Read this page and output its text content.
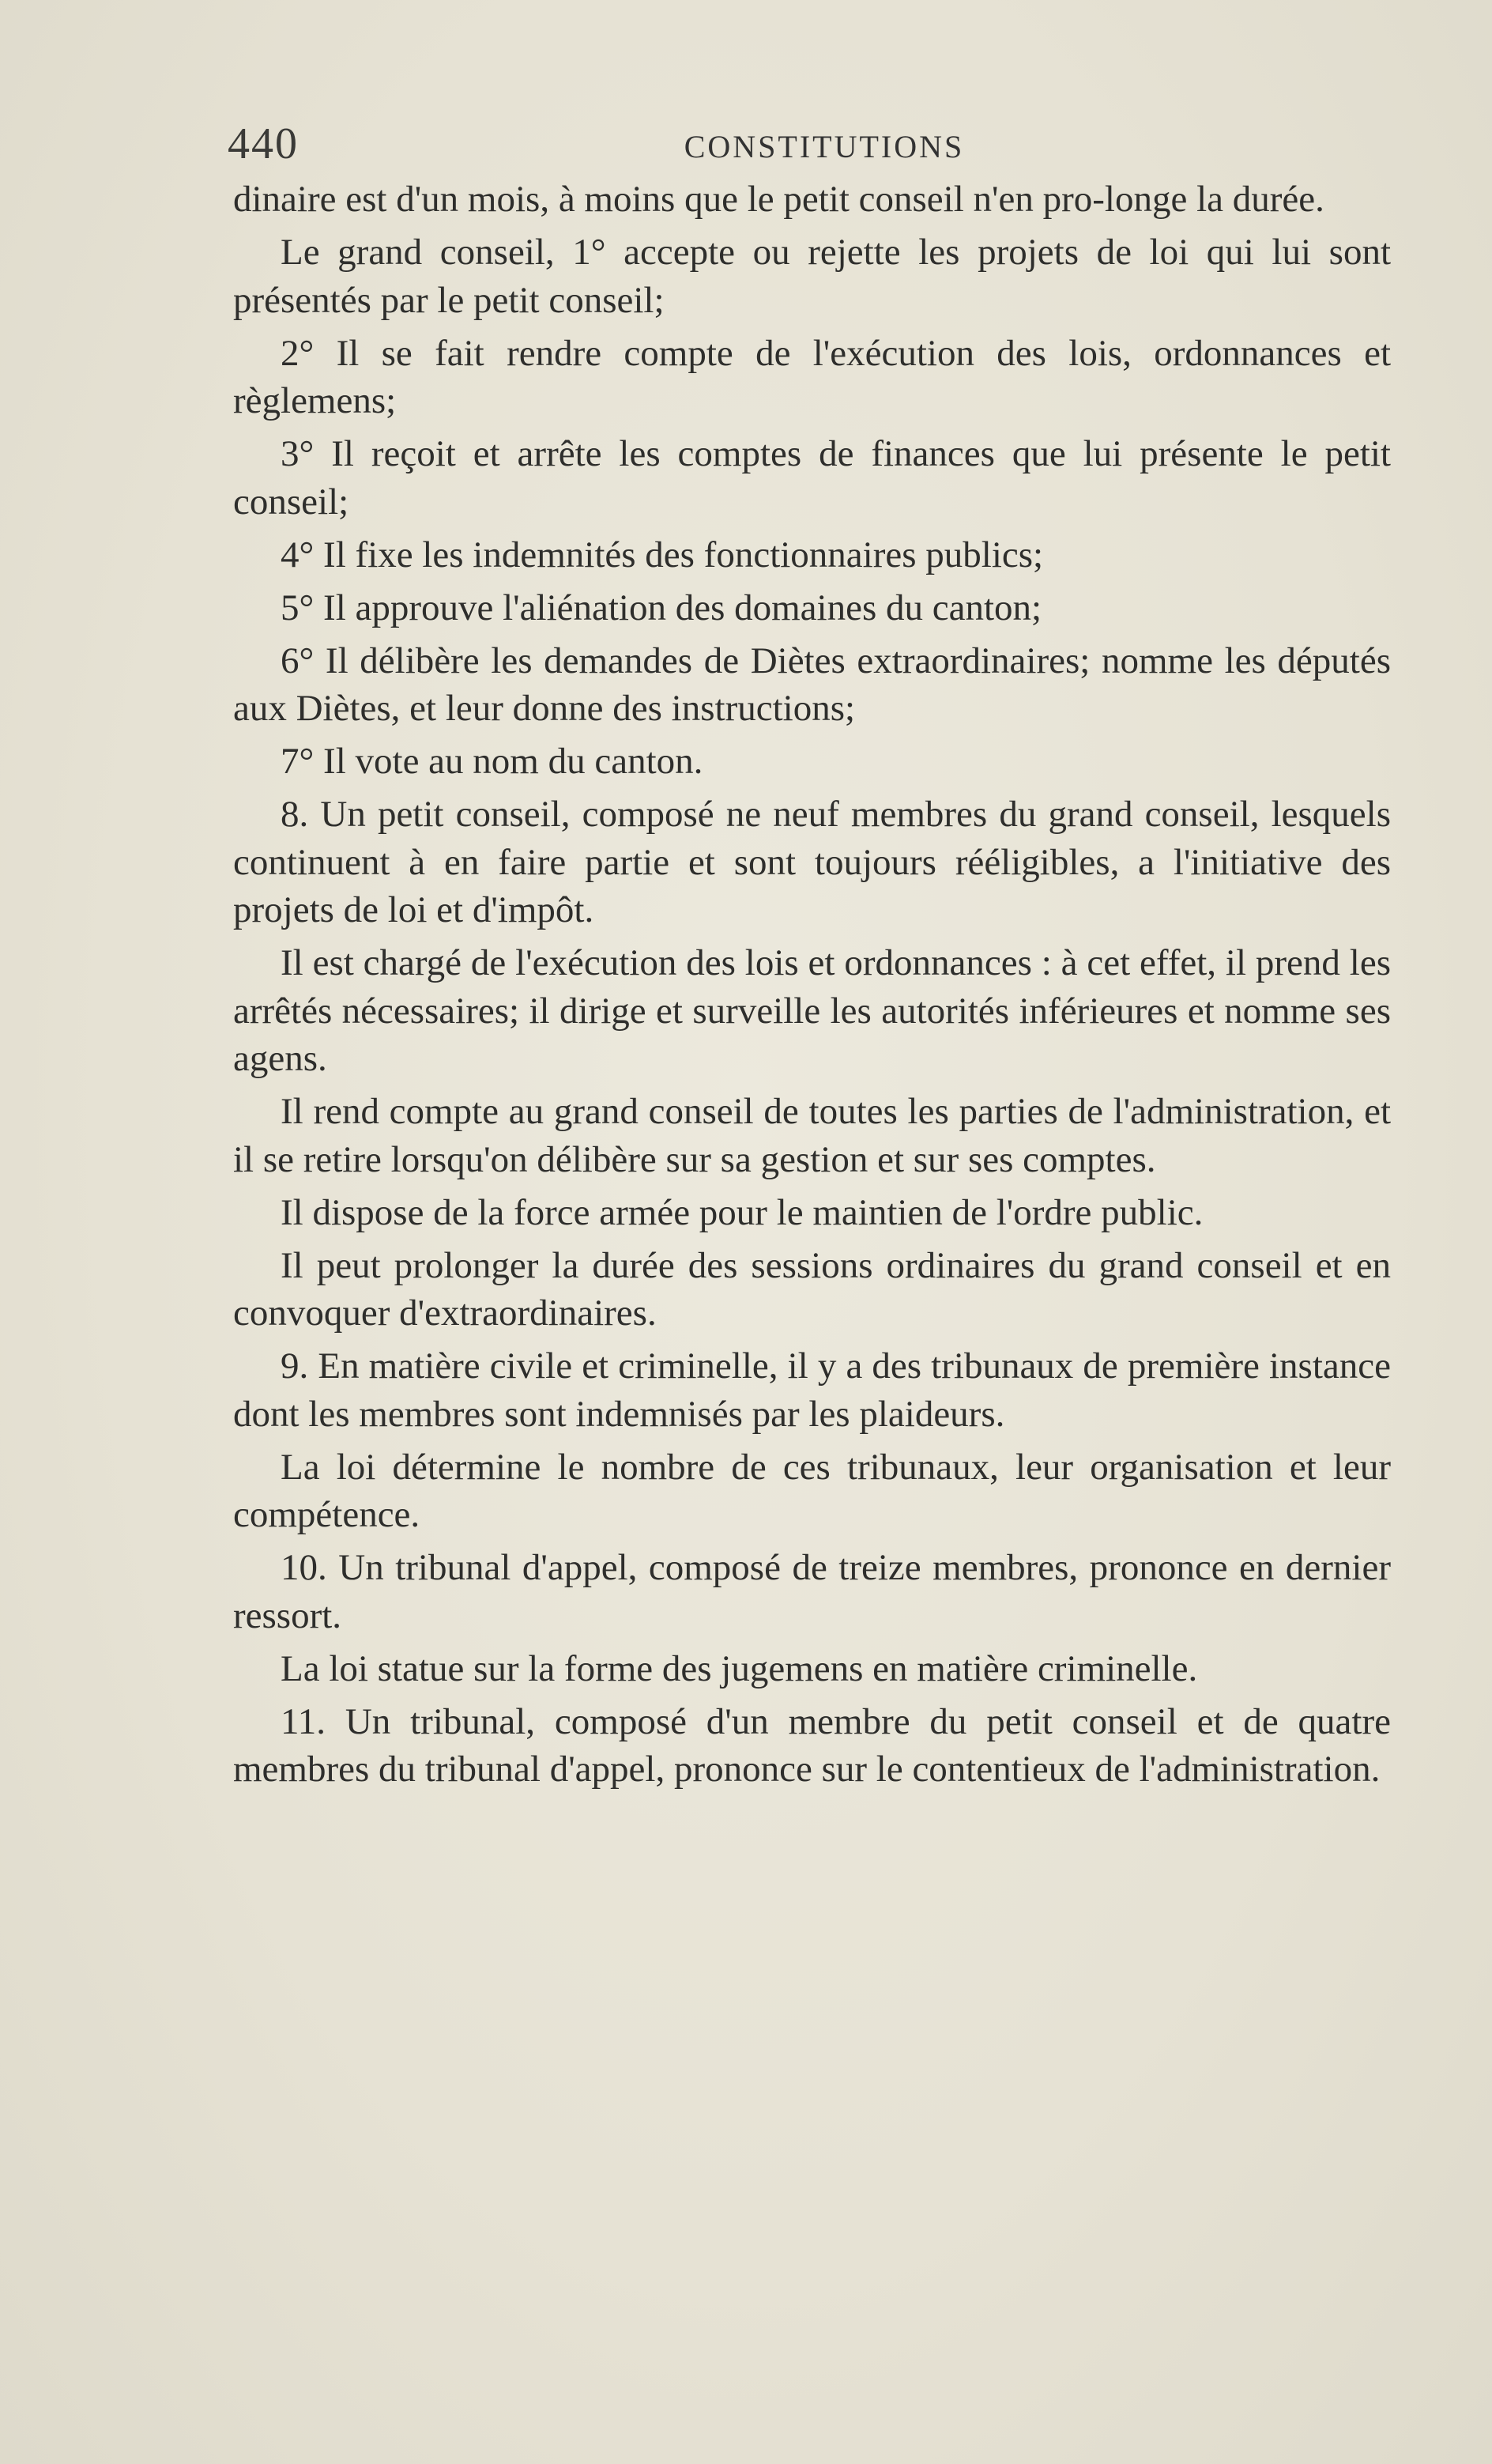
440	CONSTITUTIONS

dinaire est d'un mois, à moins que le petit conseil n'en pro-longe la durée.

Le grand conseil, 1° accepte ou rejette les projets de loi qui lui sont présentés par le petit conseil;

2° Il se fait rendre compte de l'exécution des lois, ordonnances et règlemens;

3° Il reçoit et arrête les comptes de finances que lui présente le petit conseil;

4° Il fixe les indemnités des fonctionnaires publics;

5° Il approuve l'aliénation des domaines du canton;

6° Il délibère les demandes de Diètes extraordinaires; nomme les députés aux Diètes, et leur donne des instructions;

7° Il vote au nom du canton.

8. Un petit conseil, composé ne neuf membres du grand conseil, lesquels continuent à en faire partie et sont toujours rééligibles, a l'initiative des projets de loi et d'impôt.

Il est chargé de l'exécution des lois et ordonnances : à cet effet, il prend les arrêtés nécessaires; il dirige et surveille les autorités inférieures et nomme ses agens.

Il rend compte au grand conseil de toutes les parties de l'administration, et il se retire lorsqu'on délibère sur sa gestion et sur ses comptes.

Il dispose de la force armée pour le maintien de l'ordre public.

Il peut prolonger la durée des sessions ordinaires du grand conseil et en convoquer d'extraordinaires.

9. En matière civile et criminelle, il y a des tribunaux de première instance dont les membres sont indemnisés par les plaideurs.

La loi détermine le nombre de ces tribunaux, leur organisation et leur compétence.

10. Un tribunal d'appel, composé de treize membres, prononce en dernier ressort.

La loi statue sur la forme des jugemens en matière criminelle.

11. Un tribunal, composé d'un membre du petit conseil et de quatre membres du tribunal d'appel, prononce sur le contentieux de l'administration.
